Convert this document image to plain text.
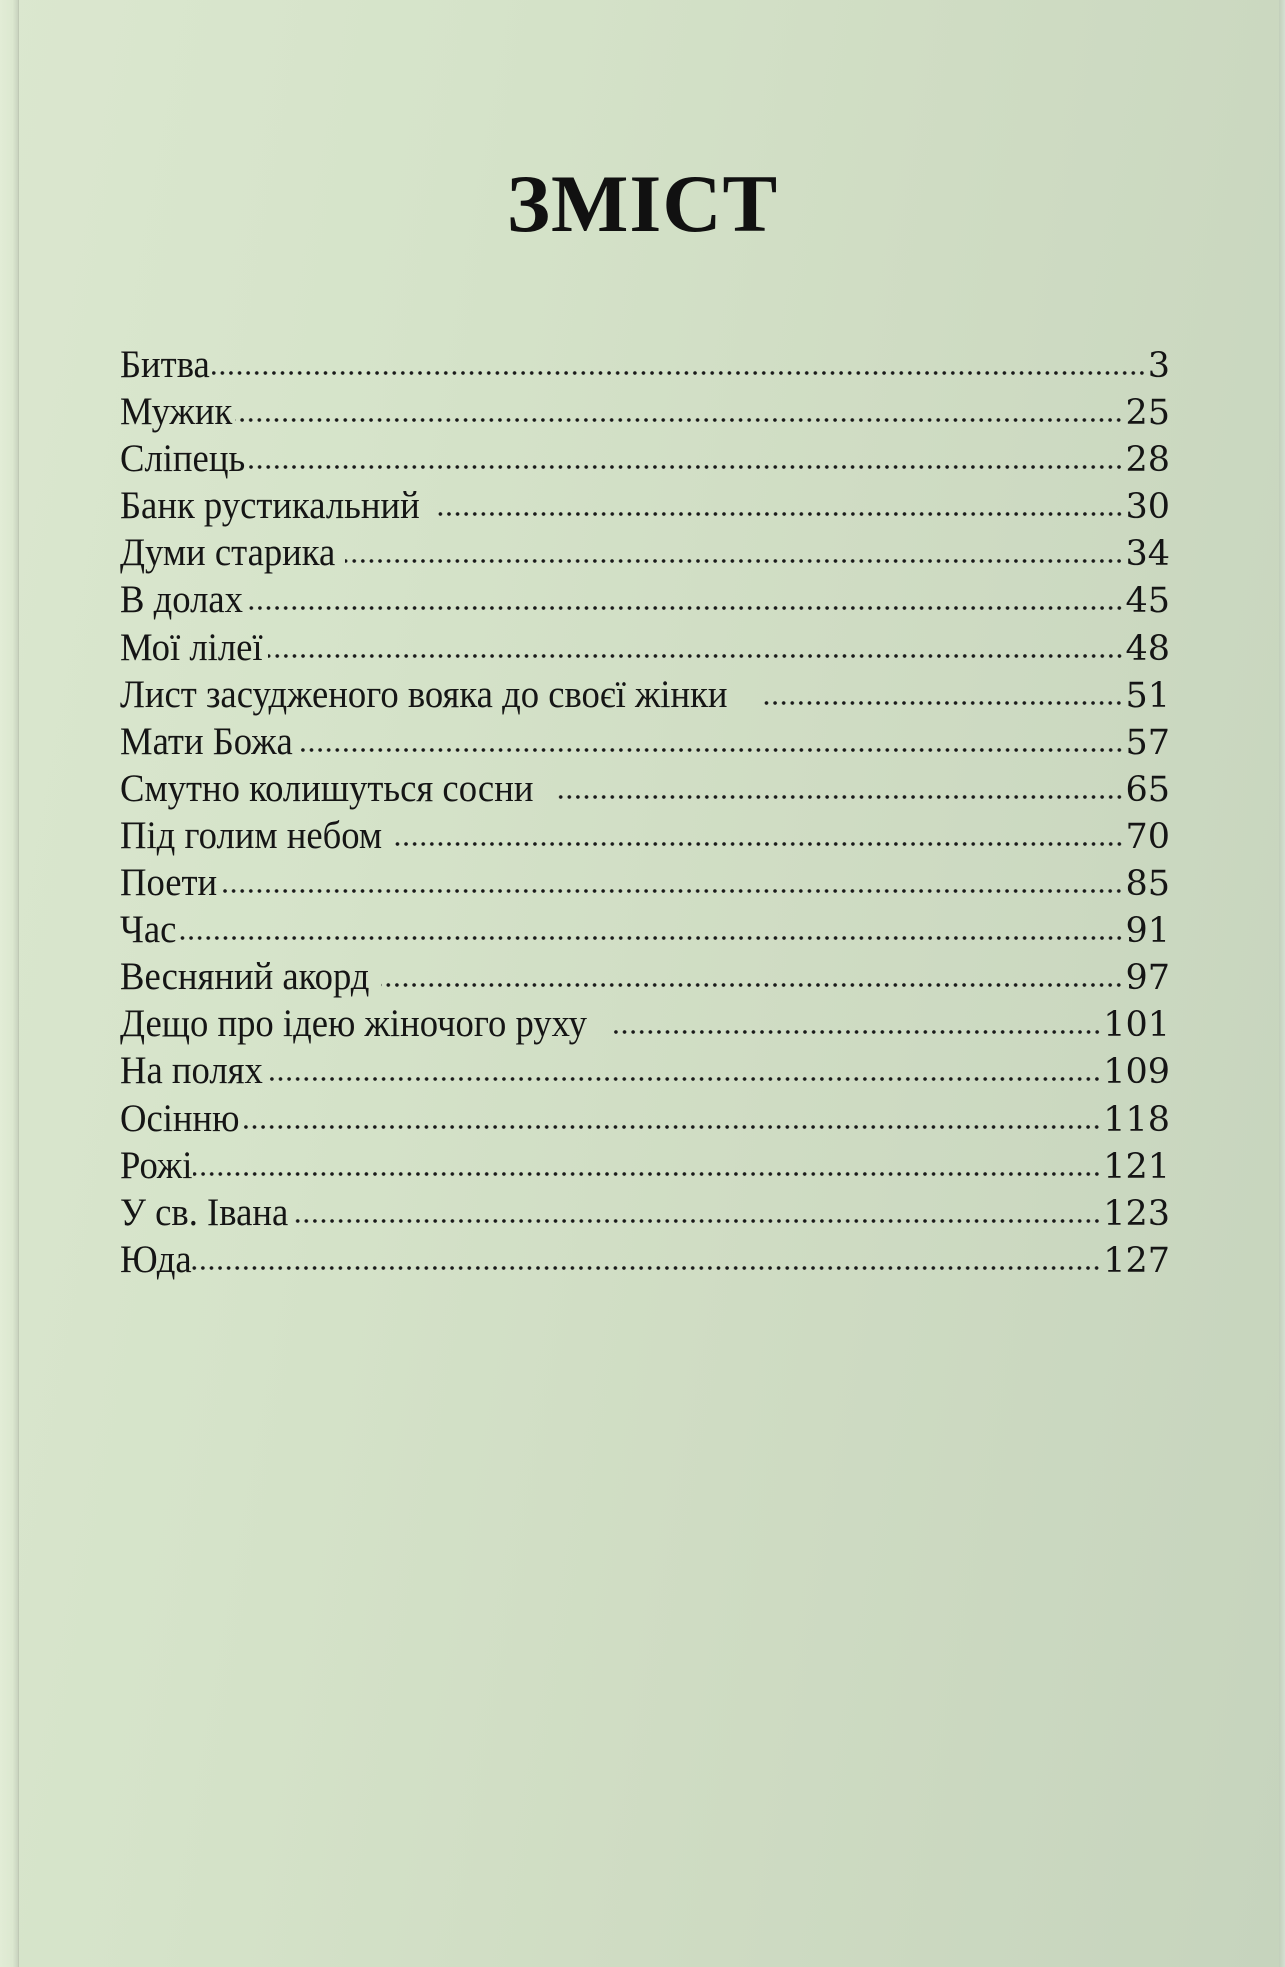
ЗМІСТ
Битва	3
Мужик	25
Сліпець	28
Банк рустикальний	30
Думи старика	34
В долах	45
Мої лілеї	48
Лист засудженого вояка до своєї жінки	51
Мати Божа	57
Смутно колишуться сосни	65
Під голим небом	70
Поети	85
Час	91
Весняний акорд	97
Дещо про ідею жіночого руху	101
На полях	109
Осінню	118
Рожі	121
У св. Івана	123
Юда	127
